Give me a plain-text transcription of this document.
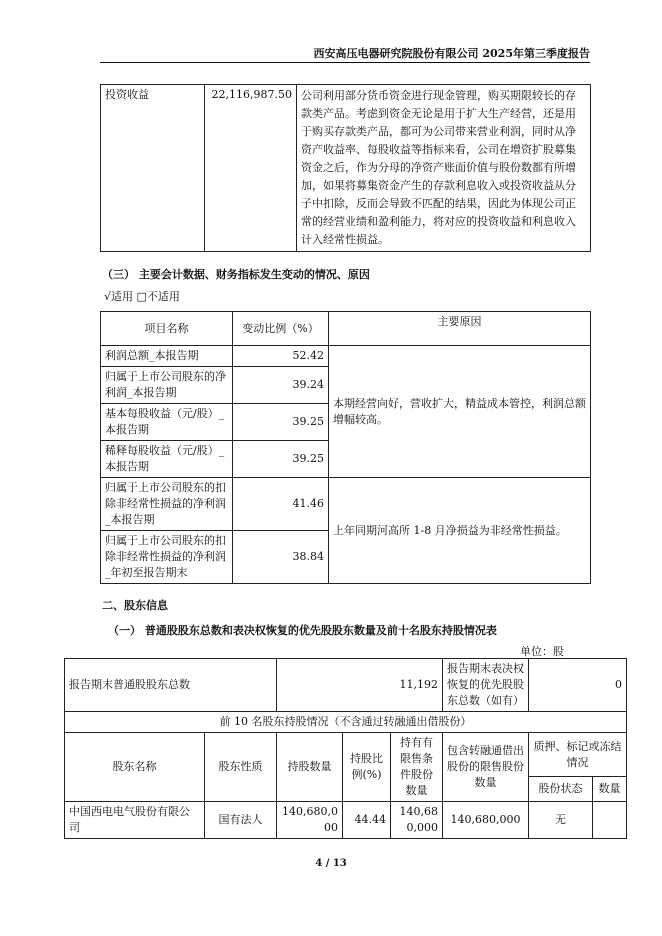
西安高压电器研究院股份有限公司 2025年第三季度报告
投资收益	22,116,987.50	公司利用部分货币资金进行现金管理，购买期限较长的存款类产品。考虑到资金无论是用于扩大生产经营，还是用于购买存款类产品，都可为公司带来营业利润，同时从净资产收益率、每股收益等指标来看，公司在增资扩股募集资金之后，作为分母的净资产账面价值与股份数都有所增加，如果将募集资金产生的存款利息收入或投资收益从分子中扣除，反而会导致不匹配的结果，因此为体现公司正常的经营业绩和盈利能力，将对应的投资收益和利息收入计入经常性损益。
（三） 主要会计数据、财务指标发生变动的情况、原因
√适用 □不适用
项目名称	变动比例（%）	主要原因
利润总额_本报告期	52.42	本期经营向好，营收扩大，精益成本管控，利润总额增幅较高。
归属于上市公司股东的净利润_本报告期	39.24	
基本每股收益（元/股）_本报告期	39.25	
稀释每股收益（元/股）_本报告期	39.25	
归属于上市公司股东的扣除非经常性损益的净利润_本报告期	41.46	上年同期河高所 1-8 月净损益为非经常性损益。
归属于上市公司股东的扣除非经常性损益的净利润_年初至报告期末	38.84	
二、股东信息
（一） 普通股股东总数和表决权恢复的优先股股东数量及前十名股东持股情况表
单位：股
报告期末普通股股东总数		11,192			报告期末表决权恢复的优先股股东总数（如有）	0	
前 10 名股东持股情况（不含通过转融通出借股份）							
股东名称	股东性质	持股数量	持股比例(%)	持有有限售条件股份数量	包含转融通借出股份的限售股份数量	质押、标记或冻结情况	
						股份状态	数量
中国西电电气股份有限公司	国有法人	140,680,000	44.44	140,680,000	140,680,000	无	
4 / 13
